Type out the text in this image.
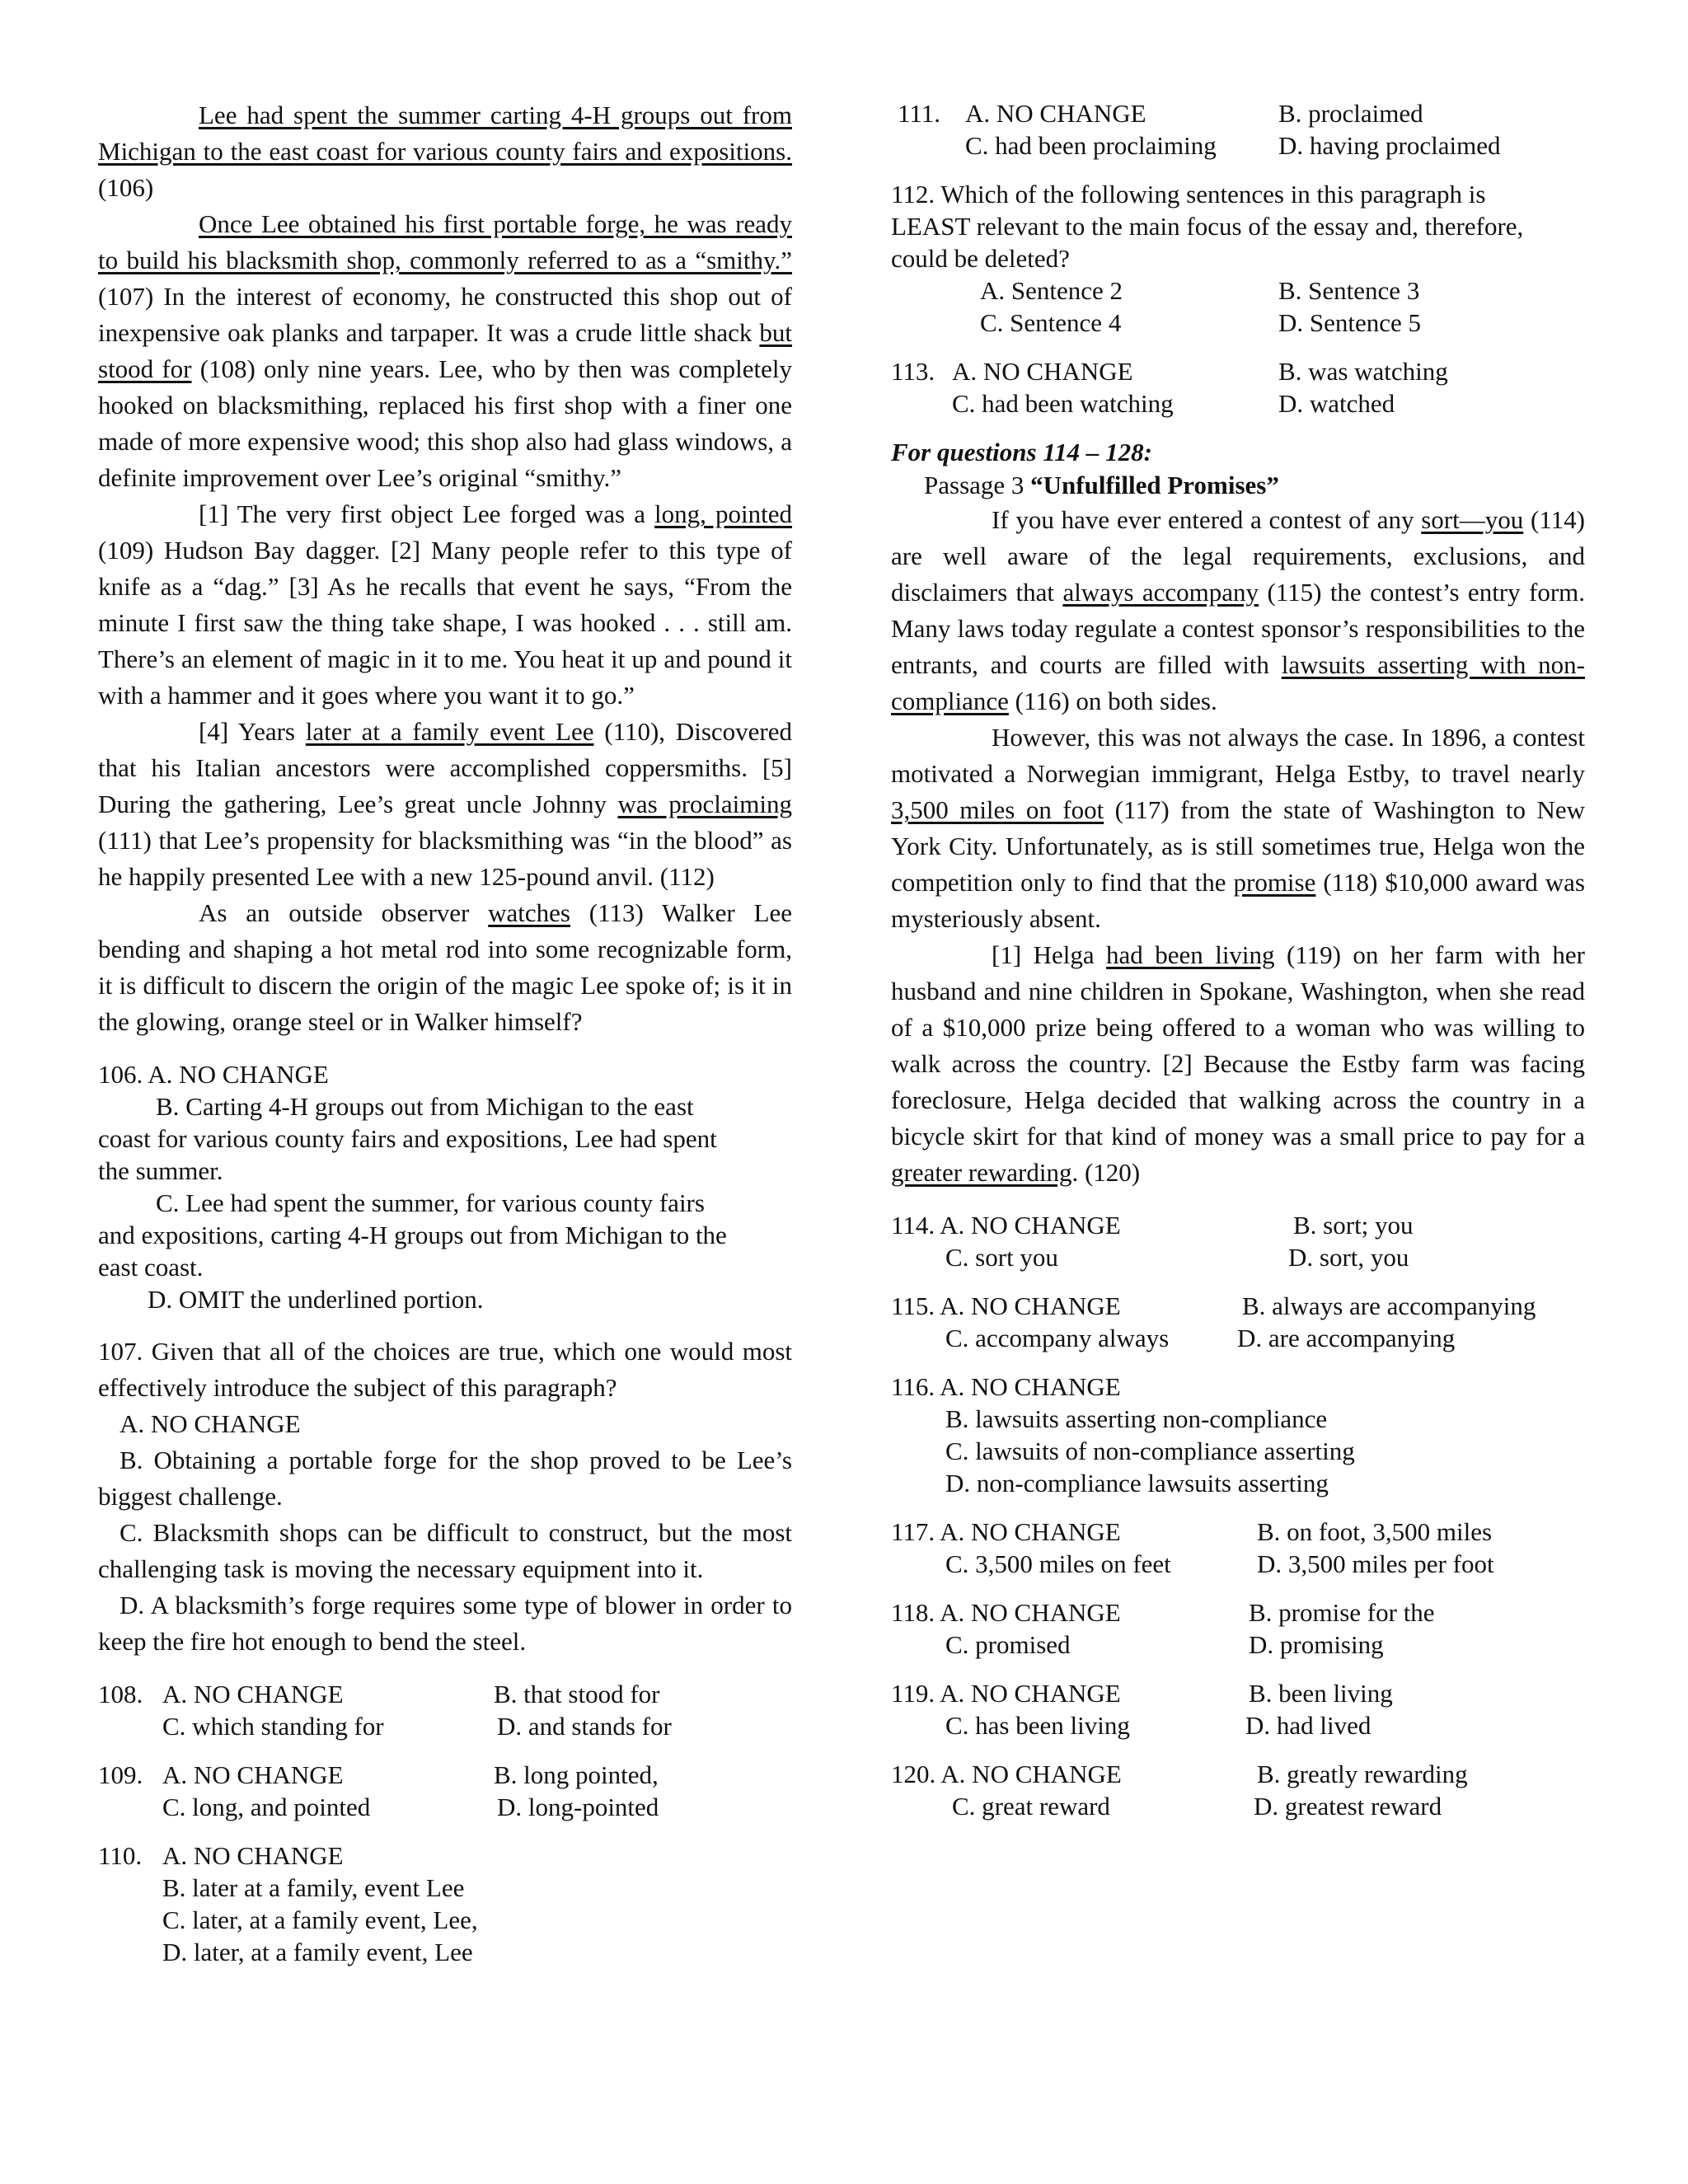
Lee had spent the summer carting 4-H groups out from Michigan to the east coast for various county fairs and expositions. (106)

Once Lee obtained his first portable forge, he was ready to build his blacksmith shop, commonly referred to as a “smithy.” (107) In the interest of economy, he constructed this shop out of inexpensive oak planks and tarpaper. It was a crude little shack but stood for (108) only nine years. Lee, who by then was completely hooked on blacksmithing, replaced his first shop with a finer one made of more expensive wood; this shop also had glass windows, a definite improvement over Lee’s original “smithy.”

[1] The very first object Lee forged was a long, pointed (109) Hudson Bay dagger. [2] Many people refer to this type of knife as a “dag.” [3] As he recalls that event he says, “From the minute I first saw the thing take shape, I was hooked . . . still am. There’s an element of magic in it to me. You heat it up and pound it with a hammer and it goes where you want it to go.”

[4] Years later at a family event Lee (110), Discovered that his Italian ancestors were accomplished coppersmiths. [5] During the gathering, Lee’s great uncle Johnny was proclaiming (111) that Lee’s propensity for blacksmithing was “in the blood” as he happily presented Lee with a new 125-pound anvil. (112)

As an outside observer watches (113) Walker Lee bending and shaping a hot metal rod into some recognizable form, it is difficult to discern the origin of the magic Lee spoke of; is it in the glowing, orange steel or in Walker himself?

106. A. NO CHANGE
B. Carting 4-H groups out from Michigan to the east
coast for various county fairs and expositions, Lee had spent
the summer.
C. Lee had spent the summer, for various county fairs
and expositions, carting 4-H groups out from Michigan to the
east coast.
D. OMIT the underlined portion.

107. Given that all of the choices are true, which one would most effectively introduce the subject of this paragraph?

A. NO CHANGE

B. Obtaining a portable forge for the shop proved to be Lee’s biggest challenge.

C. Blacksmith shops can be difficult to construct, but the most challenging task is moving the necessary equipment into it.

D. A blacksmith’s forge requires some type of blower in order to keep the fire hot enough to bend the steel.

108. A. NO CHANGE	B. that stood for
C. which standing for	D. and stands for
109. A. NO CHANGE	B. long pointed,
C. long, and pointed	D. long-pointed
110. A. NO CHANGE
B. later at a family, event Lee
C. later, at a family event, Lee,
D. later, at a family event, Lee
111. A. NO CHANGE	B. proclaimed
C. had been proclaiming D. having proclaimed

112. Which of the following sentences in this paragraph is LEAST relevant to the main focus of the essay and, therefore, could be deleted?

A. Sentence 2	B. Sentence 3
C. Sentence 4	D. Sentence 5
113. A. NO CHANGE	B. was watching
C. had been watching	D. watched
For questions 114 – 128:
Passage 3 “Unfulfilled Promises”

If you have ever entered a contest of any sort—you (114) are well aware of the legal requirements, exclusions, and disclaimers that always accompany (115) the contest’s entry form. Many laws today regulate a contest sponsor’s responsibilities to the entrants, and courts are filled with lawsuits asserting with non-compliance (116) on both sides.

However, this was not always the case. In 1896, a contest motivated a Norwegian immigrant, Helga Estby, to travel nearly 3,500 miles on foot (117) from the state of Washington to New York City. Unfortunately, as is still sometimes true, Helga won the competition only to find that the promise (118) $10,000 award was mysteriously absent.

[1] Helga had been living (119) on her farm with her husband and nine children in Spokane, Washington, when she read of a $10,000 prize being offered to a woman who was willing to walk across the country. [2] Because the Estby farm was facing foreclosure, Helga decided that walking across the country in a bicycle skirt for that kind of money was a small price to pay for a greater rewarding. (120)

114. A. NO CHANGE	B. sort; you
C. sort you	D. sort, you
115. A. NO CHANGE	B. always are accompanying
C. accompany always	D. are accompanying
116. A. NO CHANGE
B. lawsuits asserting non-compliance
C. lawsuits of non-compliance asserting
D. non-compliance lawsuits asserting
117. A. NO CHANGE	B. on foot, 3,500 miles
C. 3,500 miles on feet	D. 3,500 miles per foot
118. A. NO CHANGE	B. promise for the
C. promised	D. promising
119. A. NO CHANGE	B. been living
C. has been living	D. had lived
120. A. NO CHANGE	B. greatly rewarding
C. great reward	D. greatest reward
